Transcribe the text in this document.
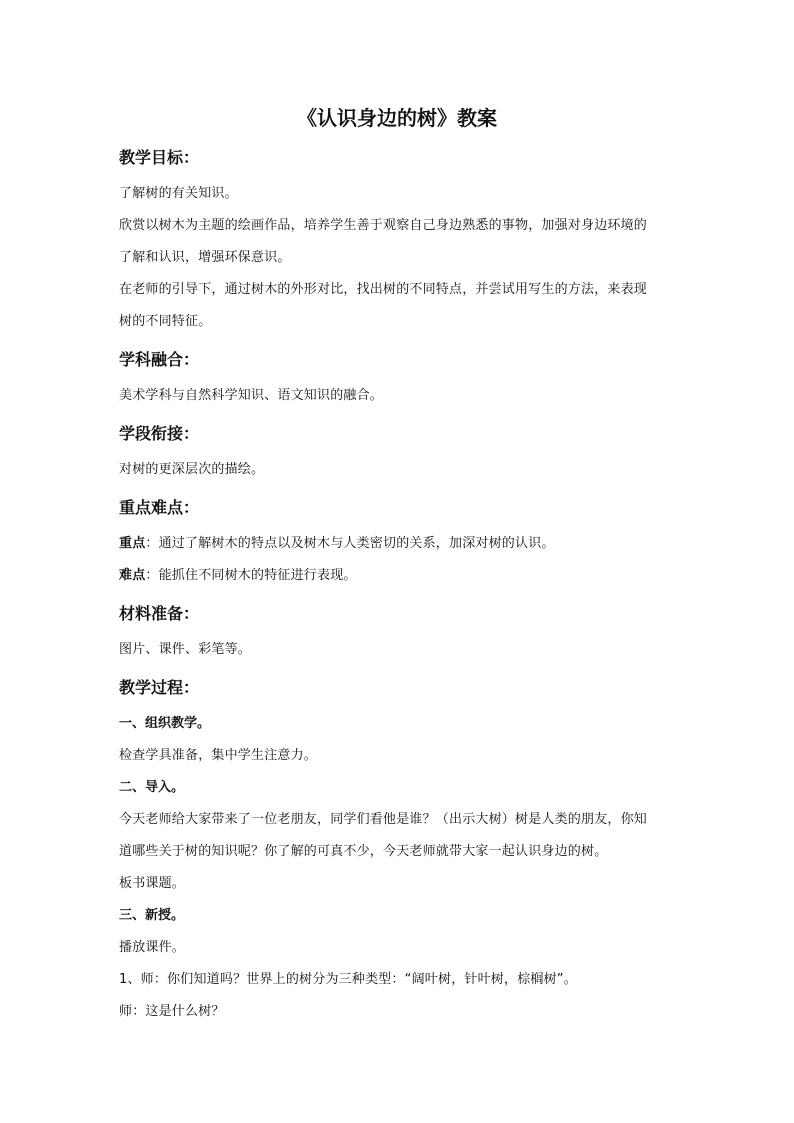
《认识身边的树》教案
教学目标：
了解树的有关知识。
欣赏以树木为主题的绘画作品，培养学生善于观察自己身边熟悉的事物，加强对身边环境的
了解和认识，增强环保意识。
在老师的引导下，通过树木的外形对比，找出树的不同特点，并尝试用写生的方法，来表现
树的不同特征。
学科融合：
美术学科与自然科学知识、语文知识的融合。
学段衔接：
对树的更深层次的描绘。
重点难点：
重点：通过了解树木的特点以及树木与人类密切的关系，加深对树的认识。
难点：能抓住不同树木的特征进行表现。
材料准备：
图片、课件、彩笔等。
教学过程：
一、组织教学。
检查学具准备，集中学生注意力。
二、导入。
今天老师给大家带来了一位老朋友，同学们看他是谁？（出示大树）树是人类的朋友，你知
道哪些关于树的知识呢？你了解的可真不少，今天老师就带大家一起认识身边的树。
板书课题。
三、新授。
播放课件。
1、师：你们知道吗？世界上的树分为三种类型：“阔叶树，针叶树，棕榈树”。
师：这是什么树？
